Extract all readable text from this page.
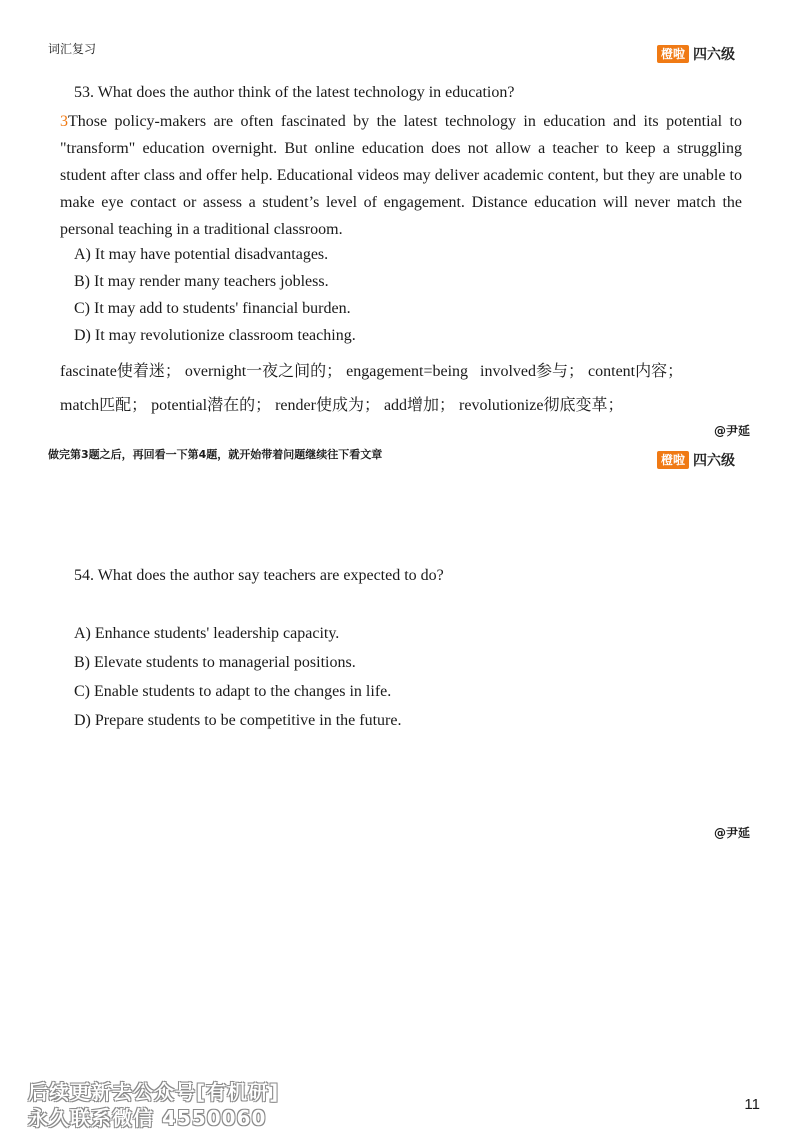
词汇复习	橙啦 四六级
53. What does the author think of the latest technology in education?
3Those policy-makers are often fascinated by the latest technology in education and its potential to "transform" education overnight. But online education does not allow a teacher to keep a struggling student after class and offer help. Educational videos may deliver academic content, but they are unable to make eye contact or assess a student’s level of engagement. Distance education will never match the personal teaching in a traditional classroom.
A) It may have potential disadvantages.
B) It may render many teachers jobless.
C) It may add to students' financial burden.
D) It may revolutionize classroom teaching.
fascinate使着迷； overnight一夜之间的； engagement=being   involved参与； content内容；
match匹配； potential潜在的； render使成为； add增加； revolutionize彻底变革；
@尹延
做完第3题之后，再回看一下第4题，就开始带着问题继续往下看文章	橙啦 四六级
54. What does the author say teachers are expected to do?
A) Enhance students' leadership capacity.
B) Elevate students to managerial positions.
C) Enable students to adapt to the changes in life.
D) Prepare students to be competitive in the future.
@尹延
后续更新去公众号[有机研]
永久联系微信 4550060
11
